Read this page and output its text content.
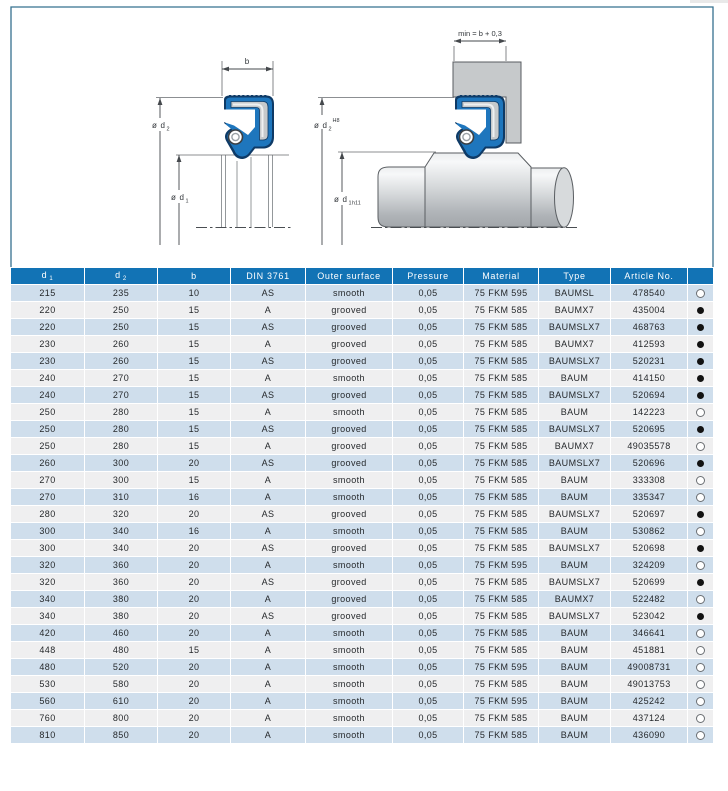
b
ø d 2
ø d 1
min = b + 0,3
ø d 2
H8
ø d 1 h11
d $_1$	d $_2$	b	DIN 3761	Outer surface	Pressure	Material	Type	Article No.	
215	235	10	AS	smooth	0,05	75 FKM 595	BAUMSL	478540	
220	250	15	A	grooved	0,05	75 FKM 585	BAUMX7	435004	
220	250	15	AS	grooved	0,05	75 FKM 585	BAUMSLX7	468763	
230	260	15	A	grooved	0,05	75 FKM 585	BAUMX7	412593	
230	260	15	AS	grooved	0,05	75 FKM 585	BAUMSLX7	520231	
240	270	15	A	smooth	0,05	75 FKM 585	BAUM	414150	
240	270	15	AS	grooved	0,05	75 FKM 585	BAUMSLX7	520694	
250	280	15	A	smooth	0,05	75 FKM 585	BAUM	142223	
250	280	15	AS	grooved	0,05	75 FKM 585	BAUMSLX7	520695	
250	280	15	A	grooved	0,05	75 FKM 585	BAUMX7	49035578	
260	300	20	AS	grooved	0,05	75 FKM 585	BAUMSLX7	520696	
270	300	15	A	smooth	0,05	75 FKM 585	BAUM	333308	
270	310	16	A	smooth	0,05	75 FKM 585	BAUM	335347	
280	320	20	AS	grooved	0,05	75 FKM 585	BAUMSLX7	520697	
300	340	16	A	smooth	0,05	75 FKM 585	BAUM	530862	
300	340	20	AS	grooved	0,05	75 FKM 585	BAUMSLX7	520698	
320	360	20	A	smooth	0,05	75 FKM 595	BAUM	324209	
320	360	20	AS	grooved	0,05	75 FKM 585	BAUMSLX7	520699	
340	380	20	A	grooved	0,05	75 FKM 585	BAUMX7	522482	
340	380	20	AS	grooved	0,05	75 FKM 585	BAUMSLX7	523042	
420	460	20	A	smooth	0,05	75 FKM 585	BAUM	346641	
448	480	15	A	smooth	0,05	75 FKM 585	BAUM	451881	
480	520	20	A	smooth	0,05	75 FKM 595	BAUM	49008731	
530	580	20	A	smooth	0,05	75 FKM 585	BAUM	49013753	
560	610	20	A	smooth	0,05	75 FKM 595	BAUM	425242	
760	800	20	A	smooth	0,05	75 FKM 585	BAUM	437124	
810	850	20	A	smooth	0,05	75 FKM 585	BAUM	436090	
